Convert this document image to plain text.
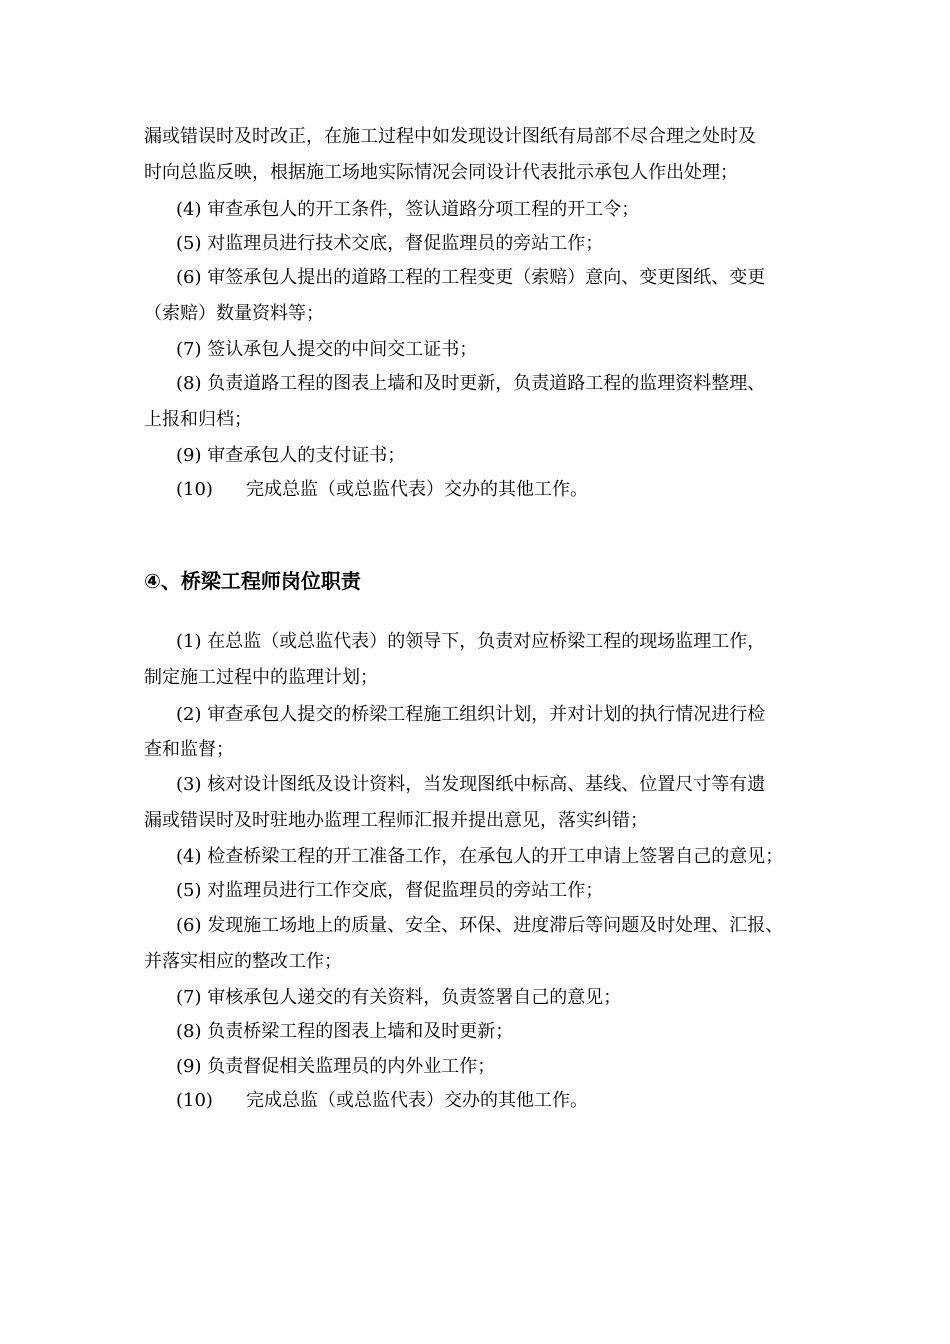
漏或错误时及时改正，在施工过程中如发现设计图纸有局部不尽合理之处时及
时向总监反映，根据施工场地实际情况会同设计代表批示承包人作出处理；
(4) 审查承包人的开工条件，签认道路分项工程的开工令；
(5) 对监理员进行技术交底，督促监理员的旁站工作；
(6) 审签承包人提出的道路工程的工程变更（索赔）意向、变更图纸、变更
（索赔）数量资料等；
(7) 签认承包人提交的中间交工证书；
(8) 负责道路工程的图表上墙和及时更新，负责道路工程的监理资料整理、
上报和归档；
(9) 审查承包人的支付证书；
(10) 完成总监（或总监代表）交办的其他工作。
④、桥梁工程师岗位职责
(1) 在总监（或总监代表）的领导下，负责对应桥梁工程的现场监理工作，
制定施工过程中的监理计划；
(2) 审查承包人提交的桥梁工程施工组织计划，并对计划的执行情况进行检
查和监督；
(3) 核对设计图纸及设计资料，当发现图纸中标高、基线、位置尺寸等有遗
漏或错误时及时驻地办监理工程师汇报并提出意见，落实纠错；
(4) 检查桥梁工程的开工准备工作，在承包人的开工申请上签署自己的意见；
(5) 对监理员进行工作交底，督促监理员的旁站工作；
(6) 发现施工场地上的质量、安全、环保、进度滞后等问题及时处理、汇报、
并落实相应的整改工作；
(7) 审核承包人递交的有关资料，负责签署自己的意见；
(8) 负责桥梁工程的图表上墙和及时更新；
(9) 负责督促相关监理员的内外业工作；
(10) 完成总监（或总监代表）交办的其他工作。
